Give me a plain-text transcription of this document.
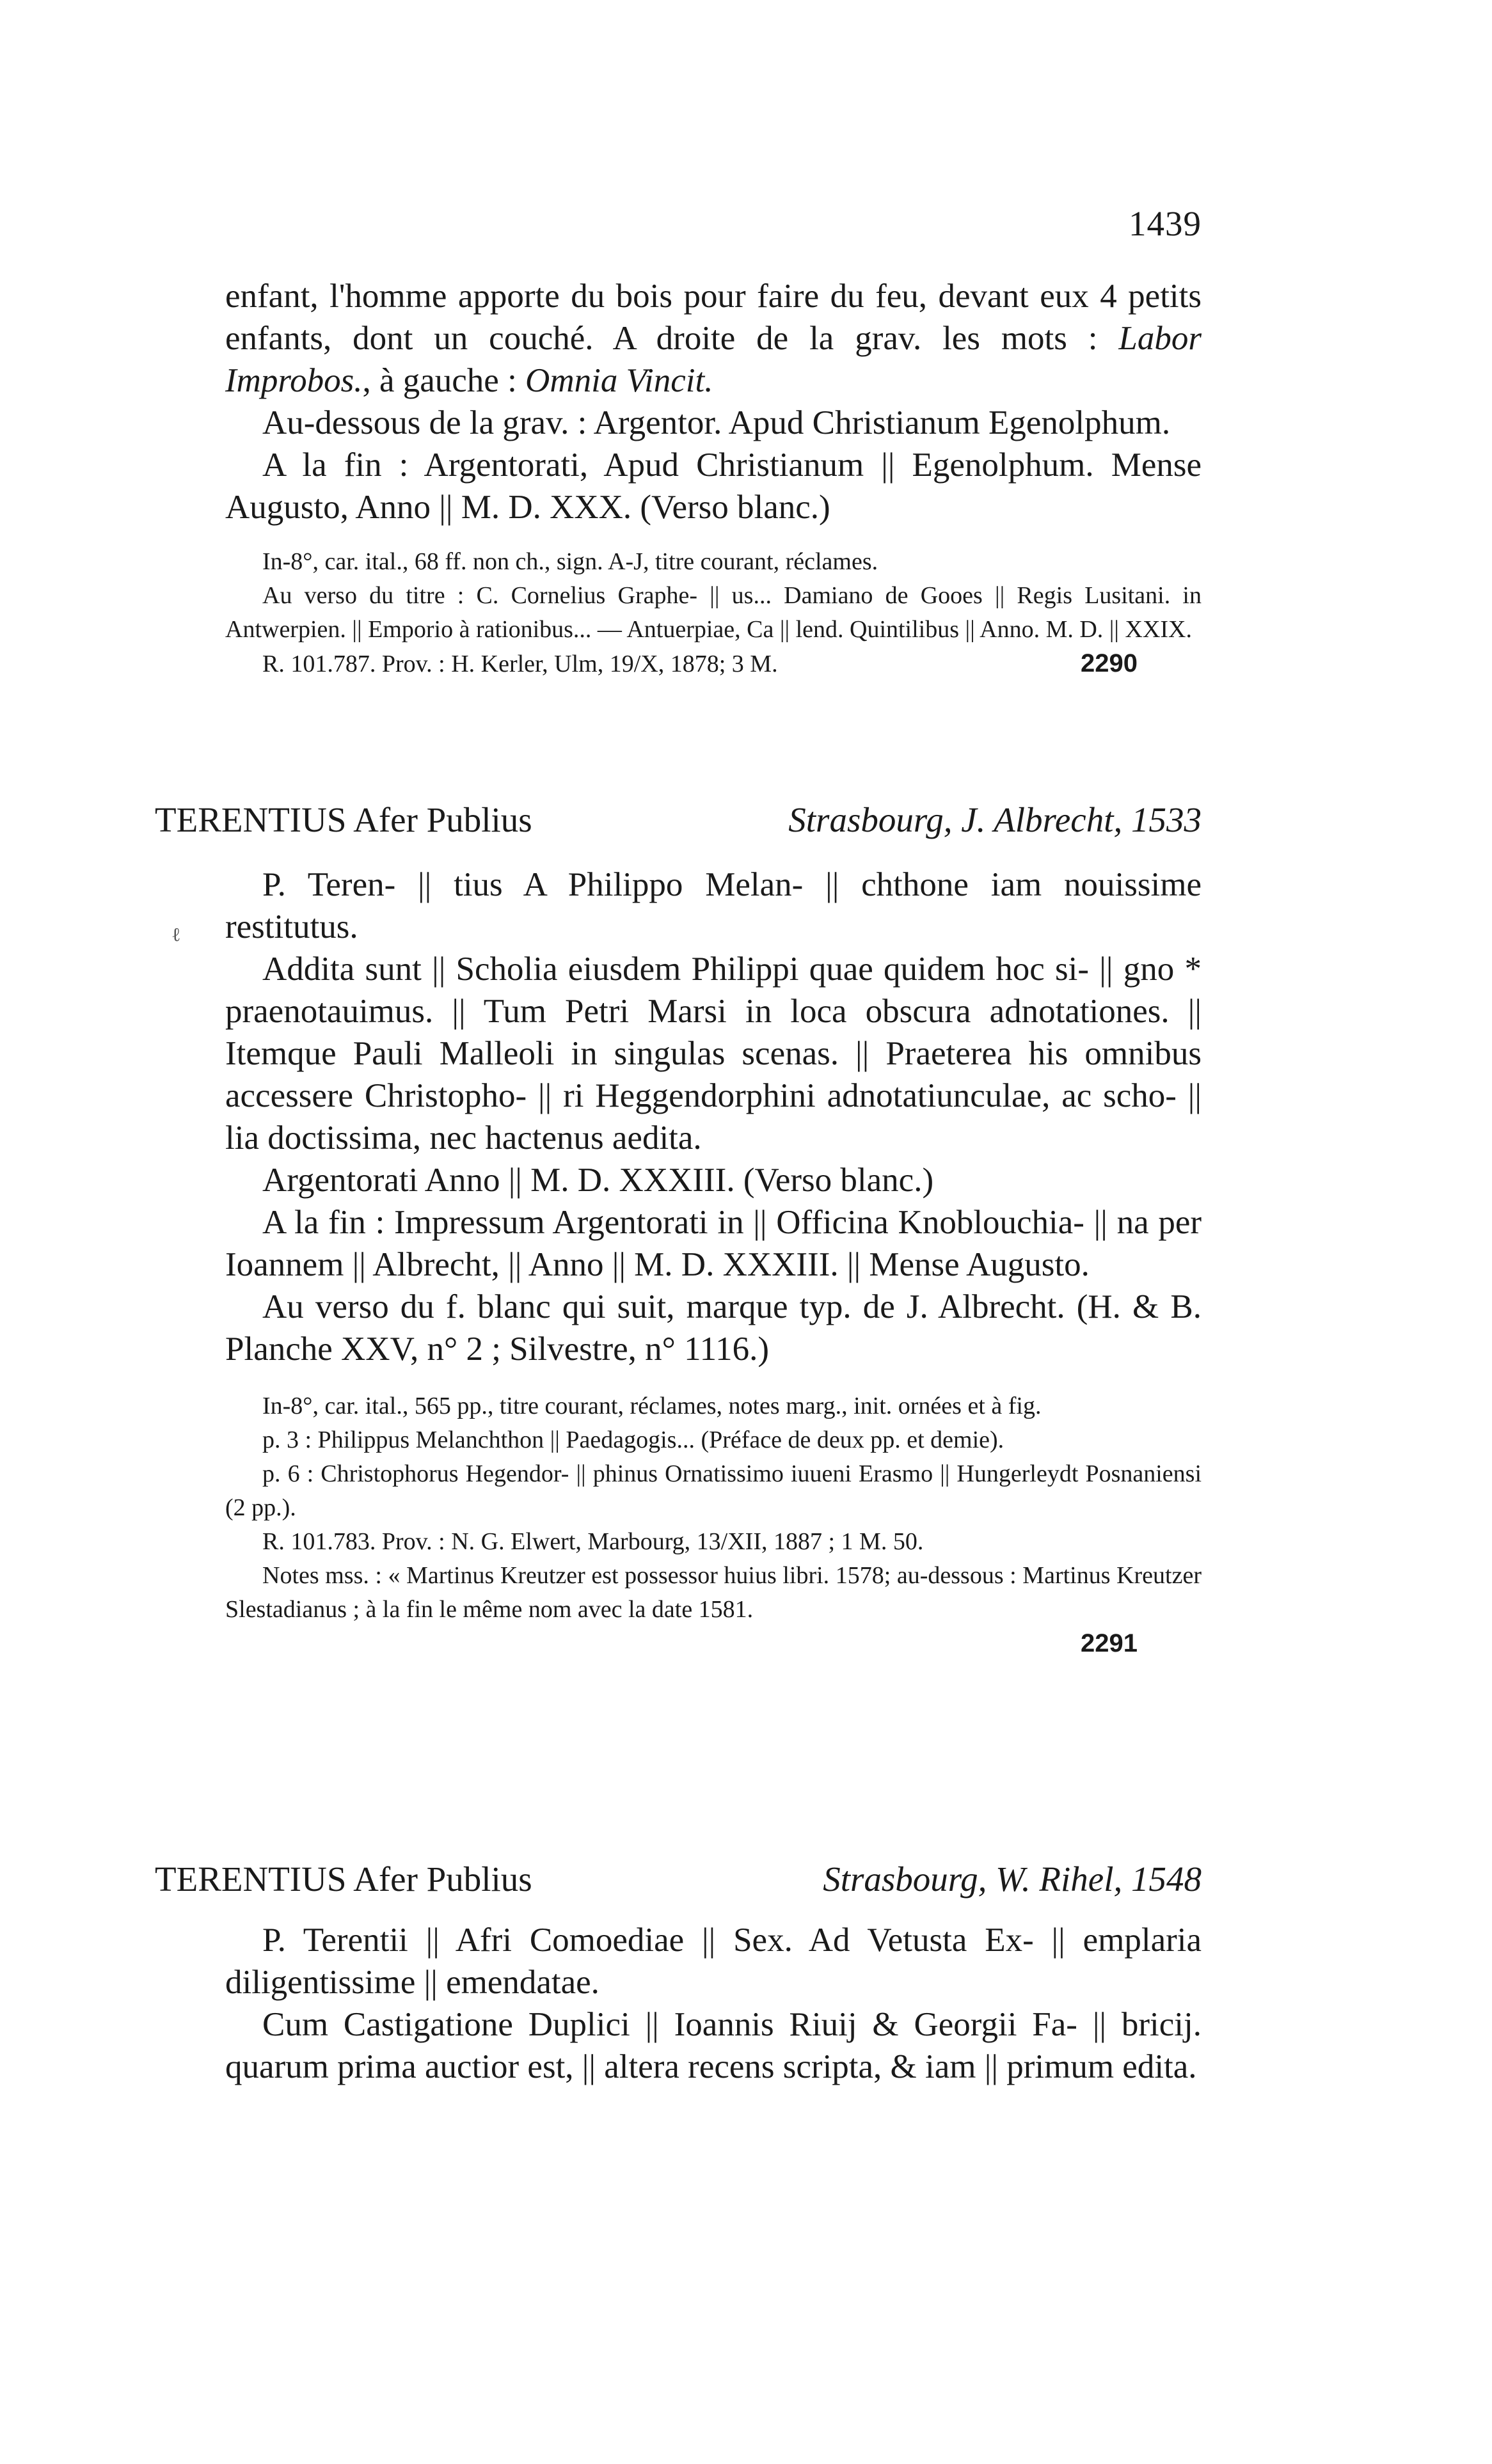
1439

enfant, l'homme apporte du bois pour faire du feu, devant eux 4 petits enfants, dont un couché. A droite de la grav. les mots : Labor Improbos., à gauche : Omnia Vincit.

Au-dessous de la grav. : Argentor. Apud Christianum Egenolphum.

A la fin : Argentorati, Apud Christianum || Egenolphum. Mense Augusto, Anno || M. D. XXX. (Verso blanc.)

In-8°, car. ital., 68 ff. non ch., sign. A-J, titre courant, réclames.

Au verso du titre : C. Cornelius Graphe- || us... Damiano de Gooes || Regis Lusitani. in Antwerpien. || Emporio à rationibus... — Antuerpiae, Ca || lend. Quintilibus || Anno. M. D. || XXIX.

R. 101.787. Prov. : H. Kerler, Ulm, 19/X, 1878; 3 M.	2290

TERENTIUS Afer Publius	Strasbourg, J. Albrecht, 1533
ℓ

P. Teren- || tius A Philippo Melan- || chthone iam nouissime restitutus.

Addita sunt || Scholia eiusdem Philippi quae quidem hoc si- || gno * praenotauimus. || Tum Petri Marsi in loca obscura adnotationes. || Itemque Pauli Malleoli in singulas scenas. || Praeterea his omnibus accessere Christopho- || ri Heggendorphini adnotatiunculae, ac scho- || lia doctissima, nec hactenus aedita.

Argentorati Anno || M. D. XXXIII. (Verso blanc.)

A la fin : Impressum Argentorati in || Officina Knoblouchia- || na per Ioannem || Albrecht, || Anno || M. D. XXXIII. || Mense Augusto.

Au verso du f. blanc qui suit, marque typ. de J. Albrecht. (H. & B. Planche XXV, n° 2 ; Silvestre, n° 1116.)

In-8°, car. ital., 565 pp., titre courant, réclames, notes marg., init. ornées et à fig.

p. 3 : Philippus Melanchthon || Paedagogis... (Préface de deux pp. et demie).

p. 6 : Christophorus Hegendor- || phinus Ornatissimo iuueni Erasmo || Hungerleydt Posnaniensi (2 pp.).

R. 101.783. Prov. : N. G. Elwert, Marbourg, 13/XII, 1887 ; 1 M. 50.

Notes mss. : « Martinus Kreutzer est possessor huius libri. 1578; au-dessous : Martinus Kreutzer Slestadianus ; à la fin le même nom avec la date 1581.

2291

TERENTIUS Afer Publius	Strasbourg, W. Rihel, 1548

P. Terentii || Afri Comoediae || Sex. Ad Vetusta Ex- || emplaria diligentissime || emendatae.

Cum Castigatione Duplici || Ioannis Riuij & Georgii Fa- || bricij. quarum prima auctior est, || altera recens scripta, & iam || primum edita.
